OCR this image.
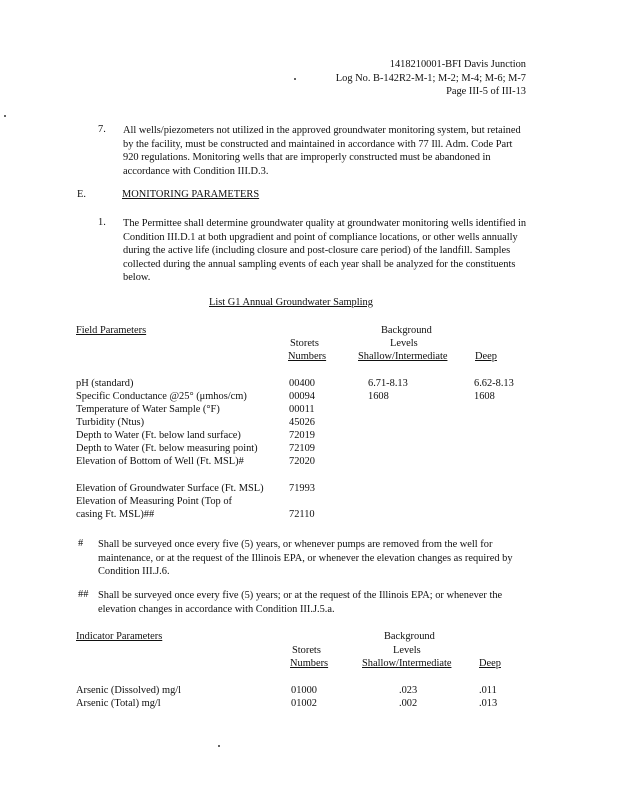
1418210001-BFI Davis Junction
Log No. B-142R2-M-1; M-2; M-4; M-6; M-7
Page III-5 of III-13
7. All wells/piezometers not utilized in the approved groundwater monitoring system, but retained by the facility, must be constructed and maintained in accordance with 77 Ill. Adm. Code Part 920 regulations. Monitoring wells that are improperly constructed must be abandoned in accordance with Condition III.D.3.
E.	MONITORING PARAMETERS
1. The Permittee shall determine groundwater quality at groundwater monitoring wells identified in Condition III.D.1 at both upgradient and point of compliance locations, or other wells annually during the active life (including closure and post-closure care period) of the landfill. Samples collected during the annual sampling events of each year shall be analyzed for the constituents below.
List G1 Annual Groundwater Sampling
Field Parameters	Background
Storets	Levels
Numbers	Shallow/Intermediate	Deep
pH (standard)	00400	6.71-8.13	6.62-8.13
Specific Conductance @25° (μmhos/cm)	00094	1608	1608
Temperature of Water Sample (°F)	00011
Turbidity (Ntus)	45026
Depth to Water (Ft. below land surface)	72019
Depth to Water (Ft. below measuring point)	72109
Elevation of Bottom of Well (Ft. MSL)#	72020
Elevation of Groundwater Surface (Ft. MSL) 71993
Elevation of Measuring Point (Top of
casing Ft. MSL)##	72110
# Shall be surveyed once every five (5) years, or whenever pumps are removed from the well for maintenance, or at the request of the Illinois EPA, or whenever the elevation changes as required by Condition III.J.6.
## Shall be surveyed once every five (5) years; or at the request of the Illinois EPA; or whenever the elevation changes in accordance with Condition III.J.5.a.
Indicator Parameters	Background
Storets	Levels
Numbers	Shallow/Intermediate	Deep
Arsenic (Dissolved) mg/l	01000	.023	.011
Arsenic (Total) mg/l	01002	.002	.013
